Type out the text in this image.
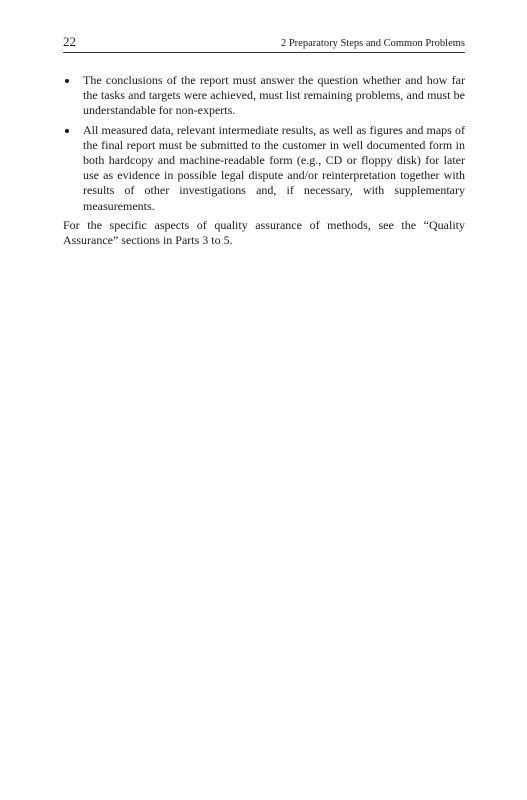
22	2 Preparatory Steps and Common Problems
The conclusions of the report must answer the question whether and how far the tasks and targets were achieved, must list remaining problems, and must be understandable for non-experts.
All measured data, relevant intermediate results, as well as figures and maps of the final report must be submitted to the customer in well documented form in both hardcopy and machine-readable form (e.g., CD or floppy disk) for later use as evidence in possible legal dispute and/or reinterpretation together with results of other investigations and, if necessary, with supplementary measurements.

For the specific aspects of quality assurance of methods, see the “Quality Assurance” sections in Parts 3 to 5.
